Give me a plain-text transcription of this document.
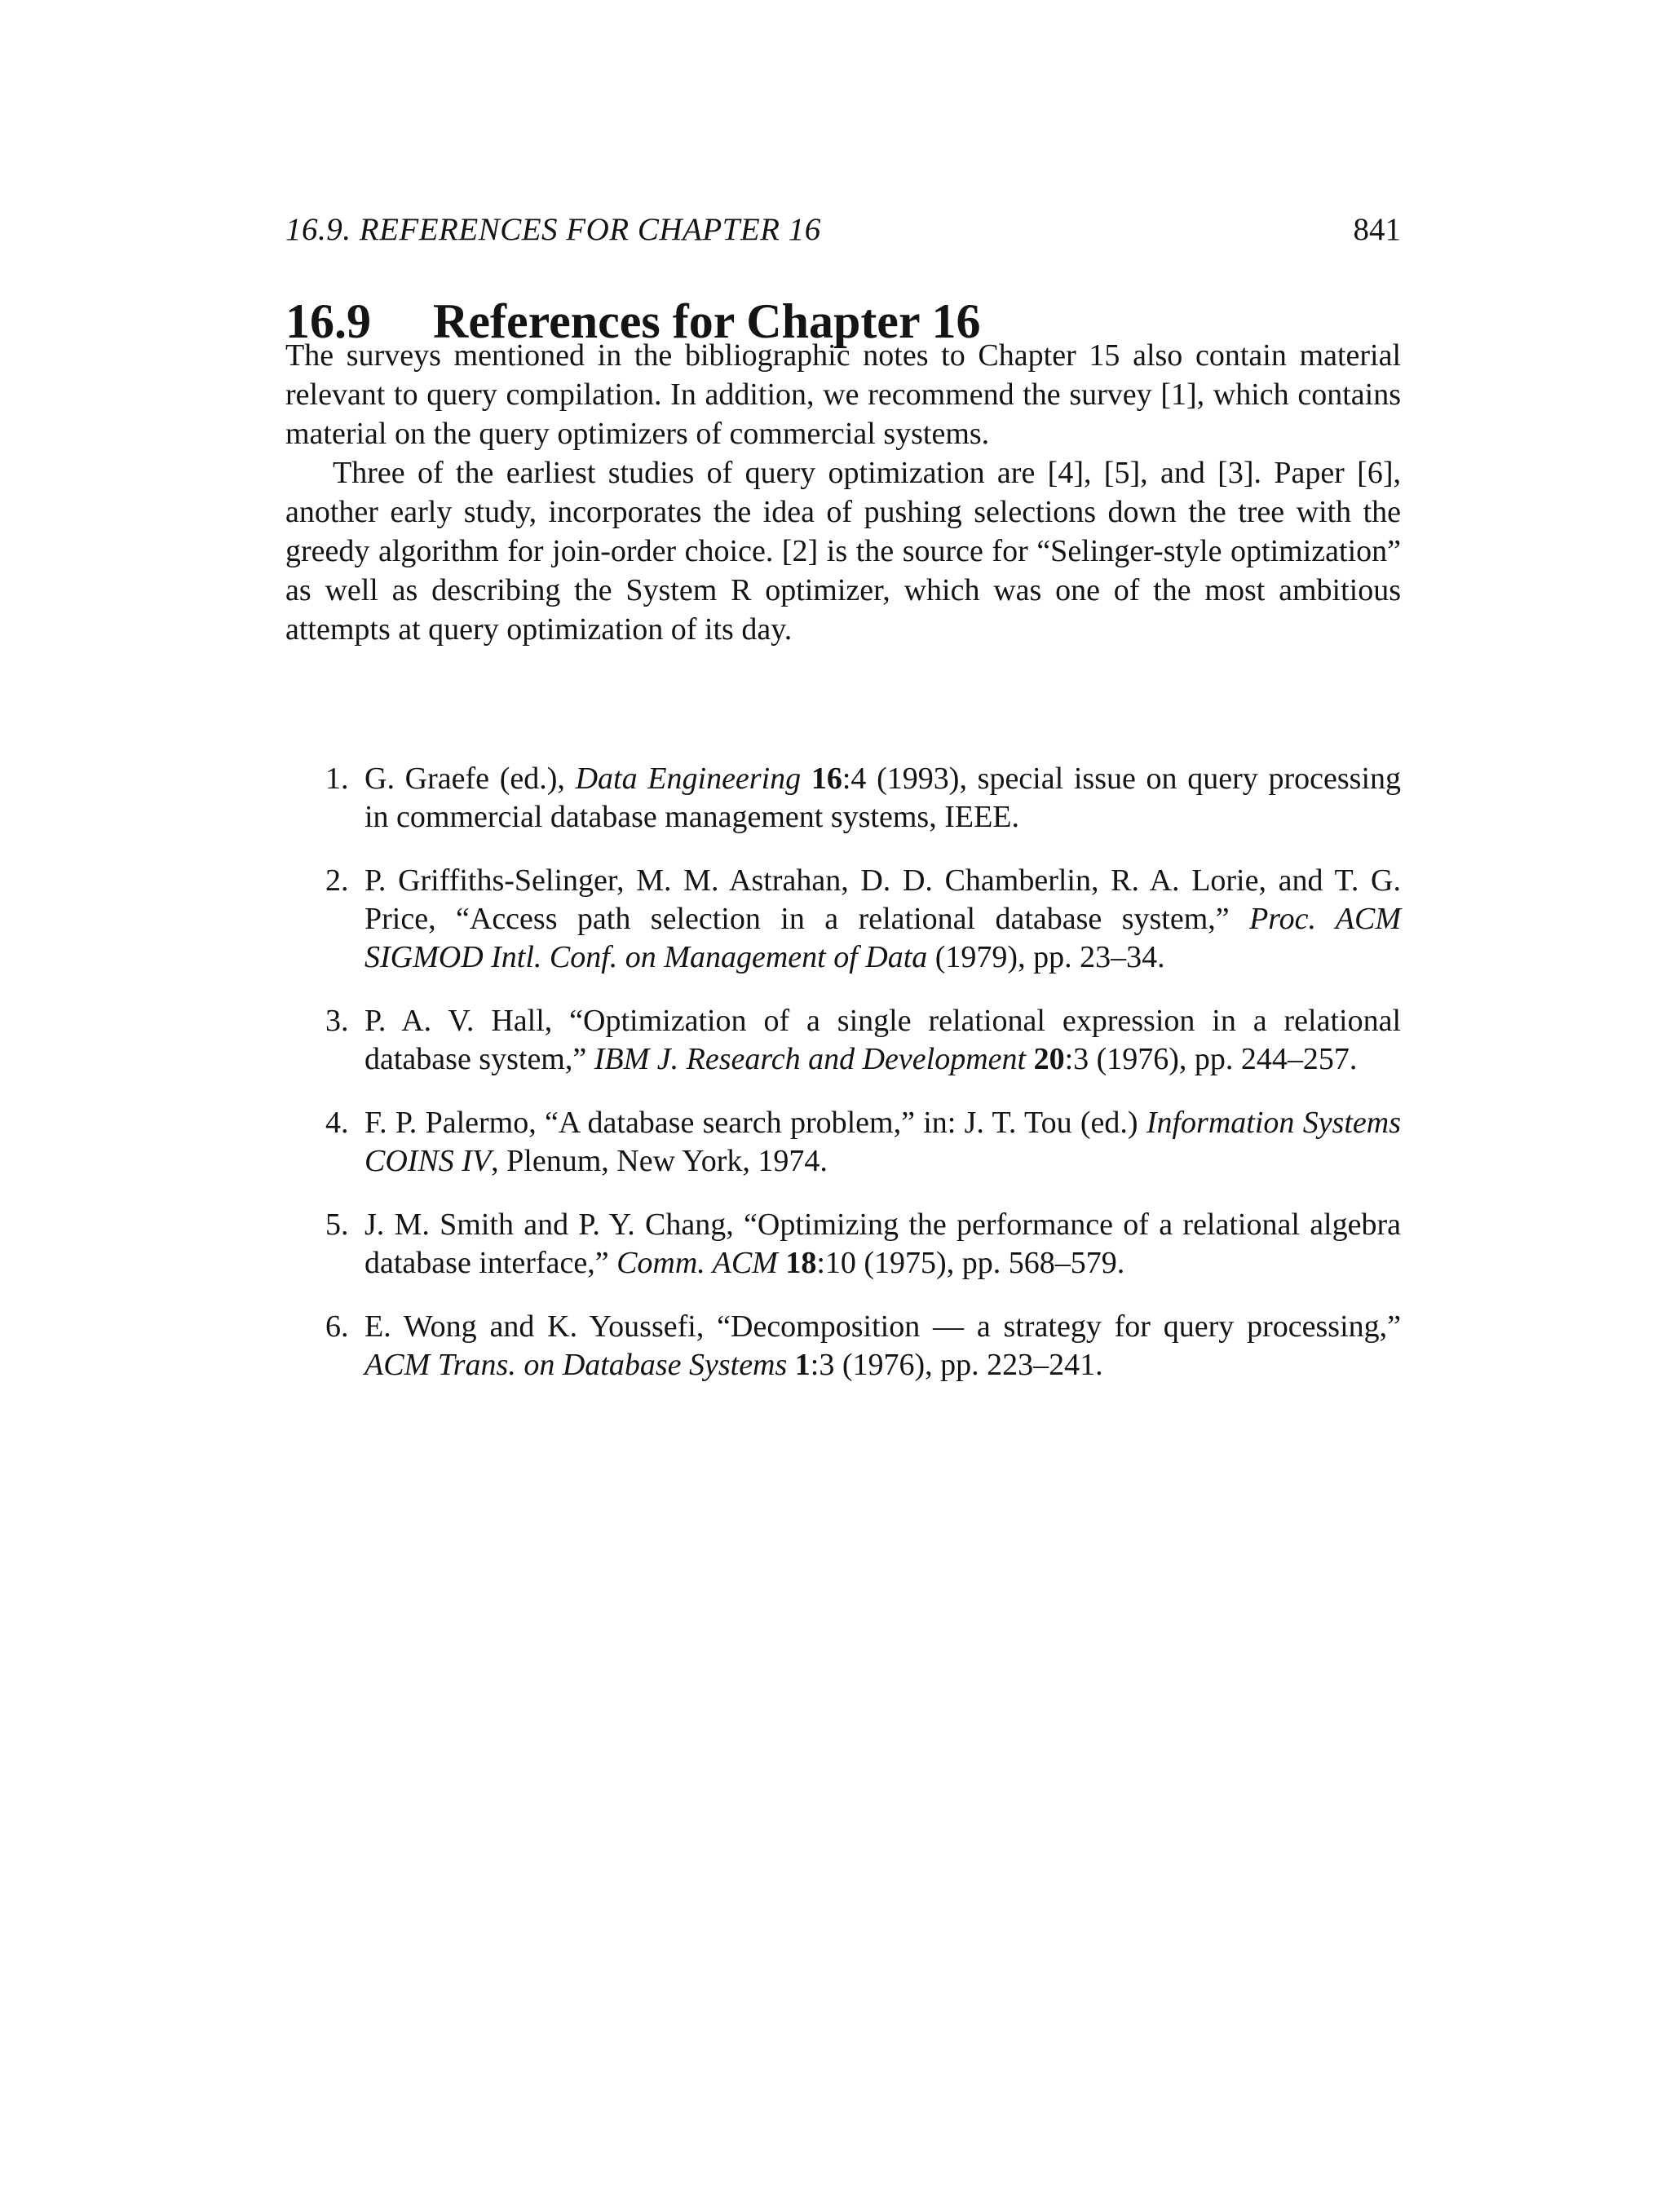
16.9. REFERENCES FOR CHAPTER 16	841
16.9 References for Chapter 16

The surveys mentioned in the bibliographic notes to Chapter 15 also contain material relevant to query compilation. In addition, we recommend the survey [1], which contains material on the query optimizers of commercial systems.

Three of the earliest studies of query optimization are [4], [5], and [3]. Paper [6], another early study, incorporates the idea of pushing selections down the tree with the greedy algorithm for join-order choice. [2] is the source for “Selinger-style optimization” as well as describing the System R optimizer, which was one of the most ambitious attempts at query optimization of its day.

1. G. Graefe (ed.), Data Engineering 16:4 (1993), special issue on query processing in commercial database management systems, IEEE.
2. P. Griffiths-Selinger, M. M. Astrahan, D. D. Chamberlin, R. A. Lorie, and T. G. Price, “Access path selection in a relational database system,” Proc. ACM SIGMOD Intl. Conf. on Management of Data (1979), pp. 23–34.
3. P. A. V. Hall, “Optimization of a single relational expression in a relational database system,” IBM J. Research and Development 20:3 (1976), pp. 244–257.
4. F. P. Palermo, “A database search problem,” in: J. T. Tou (ed.) Information Systems COINS IV, Plenum, New York, 1974.
5. J. M. Smith and P. Y. Chang, “Optimizing the performance of a relational algebra database interface,” Comm. ACM 18:10 (1975), pp. 568–579.
6. E. Wong and K. Youssefi, “Decomposition — a strategy for query processing,” ACM Trans. on Database Systems 1:3 (1976), pp. 223–241.
